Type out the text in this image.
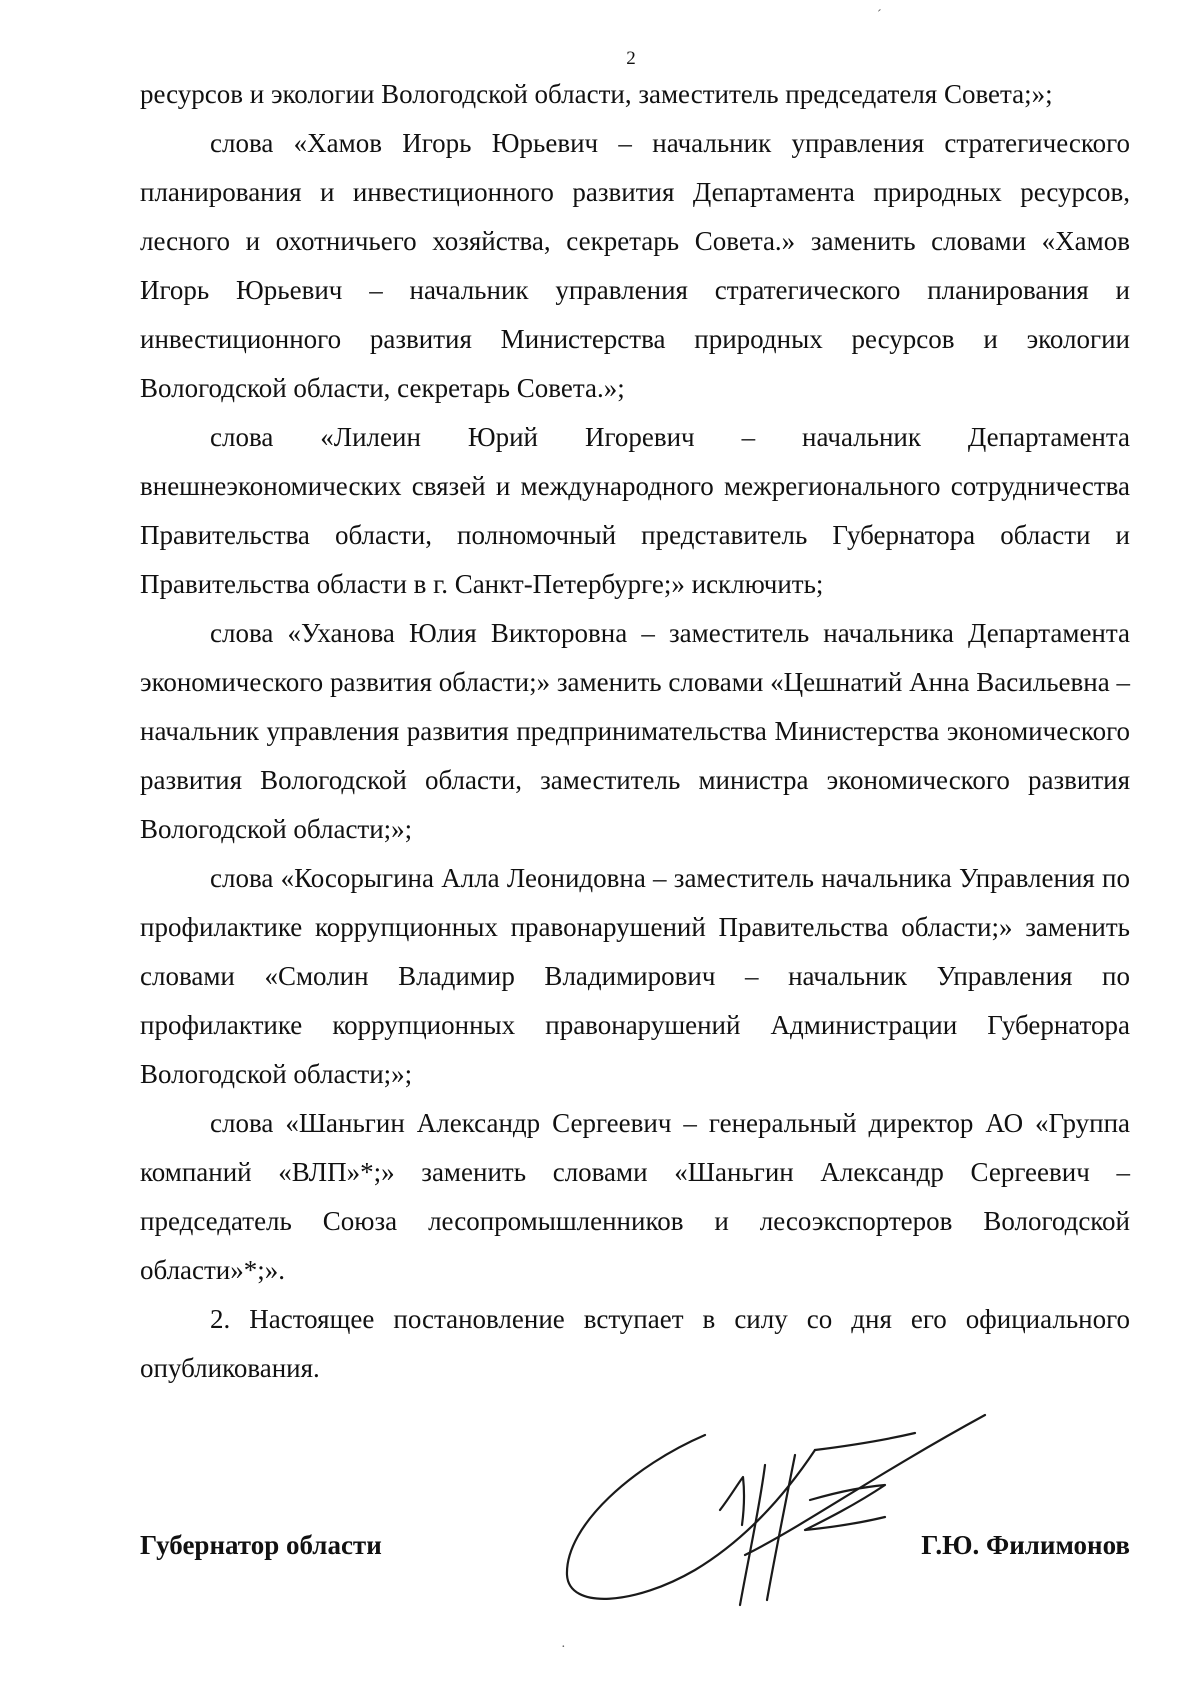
2

ресурсов и экологии Вологодской области, заместитель председателя Совета;»;

слова «Хамов Игорь Юрьевич – начальник управления стратегического планирования и инвестиционного развития Департамента природных ресурсов, лесного и охотничьего хозяйства, секретарь Совета.» заменить словами «Хамов Игорь Юрьевич – начальник управления стратегического планирования и инвестиционного развития Министерства природных ресурсов и экологии Вологодской области, секретарь Совета.»;

слова «Лилеин Юрий Игоревич – начальник Департамента внешнеэкономических связей и международного межрегионального сотрудничества Правительства области, полномочный представитель Губернатора области и Правительства области в г. Санкт-Петербурге;» исключить;

слова «Уханова Юлия Викторовна – заместитель начальника Департамента экономического развития области;» заменить словами «Цешнатий Анна Васильевна – начальник управления развития предпринимательства Министерства экономического развития Вологодской области, заместитель министра экономического развития Вологодской области;»;

слова «Косорыгина Алла Леонидовна – заместитель начальника Управления по профилактике коррупционных правонарушений Правительства области;» заменить словами «Смолин Владимир Владимирович – начальник Управления по профилактике коррупционных правонарушений Администрации Губернатора Вологодской области;»;

слова «Шаньгин Александр Сергеевич – генеральный директор АО «Группа компаний «ВЛП»*;» заменить словами «Шаньгин Александр Сергеевич – председатель Союза лесопромышленников и лесоэкспортеров Вологодской области»*;».

2. Настоящее постановление вступает в силу со дня его официального опубликования.

Губернатор области	Г.Ю. Филимонов
ˊ
·
